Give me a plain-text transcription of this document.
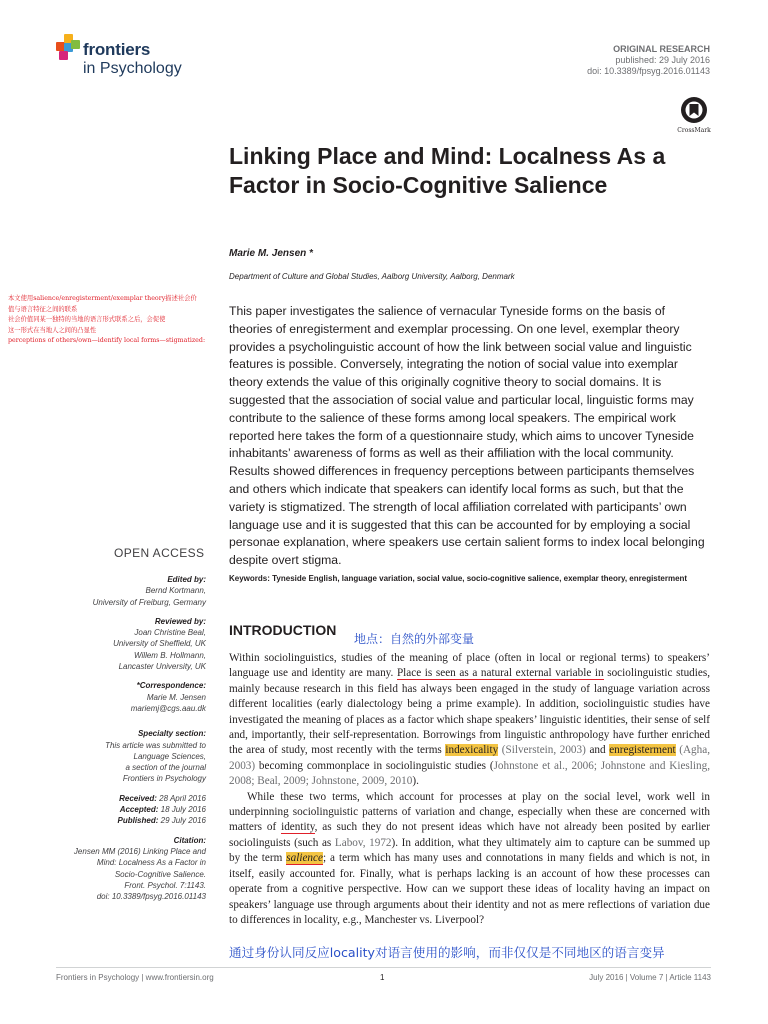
frontiers
in Psychology
ORIGINAL RESEARCH
published: 29 July 2016
doi: 10.3389/fpsyg.2016.01143
CrossMark
Linking Place and Mind: Localness As a Factor in Socio-Cognitive Salience
Marie M. Jensen *
Department of Culture and Global Studies, Aalborg University, Aalborg, Denmark
本文使用salience/enregisterment/exemplar theory描述社会价
值与语言特征之间的联系
社会价值同某一独特的当地的语言形式联系之后，会促使
这一形式在当地人之间的凸显性
perceptions of others/own—identify local forms—stigmatized:
This paper investigates the salience of vernacular Tyneside forms on the basis of theories of enregisterment and exemplar processing. On one level, exemplar theory provides a psycholinguistic account of how the link between social value and linguistic features is possible. Conversely, integrating the notion of social value into exemplar theory extends the value of this originally cognitive theory to social domains. It is suggested that the association of social value and particular local, linguistic forms may contribute to the salience of these forms among local speakers. The empirical work reported here takes the form of a questionnaire study, which aims to uncover Tyneside inhabitants’ awareness of forms as well as their affiliation with the local community. Results showed differences in frequency perceptions between participants themselves and others which indicate that speakers can identify local forms as such, but that the variety is stigmatized. The strength of local affiliation correlated with participants’ own language use and it is suggested that this can be accounted for by employing a social personae explanation, where speakers use certain salient forms to index local belonging despite overt stigma.
Keywords: Tyneside English, language variation, social value, socio-cognitive salience, exemplar theory, enregisterment
OPEN ACCESS
Edited by:
Bernd Kortmann,
University of Freiburg, Germany
Reviewed by:
Joan Christine Beal,
University of Sheffield, UK
Willem B. Hollmann,
Lancaster University, UK
*Correspondence:
Marie M. Jensen
mariemj@cgs.aau.dk
Specialty section:
This article was submitted to
Language Sciences,
a section of the journal
Frontiers in Psychology
Received: 28 April 2016
Accepted: 18 July 2016
Published: 29 July 2016
Citation:
Jensen MM (2016) Linking Place and
Mind: Localness As a Factor in
Socio-Cognitive Salience.
Front. Psychol. 7:1143.
doi: 10.3389/fpsyg.2016.01143
INTRODUCTION
地点：自然的外部变量

Within sociolinguistics, studies of the meaning of place (often in local or regional terms) to speakers’ language use and identity are many. Place is seen as a natural external variable in sociolinguistic studies, mainly because research in this field has always been engaged in the study of language variation across different localities (early dialectology being a prime example). In addition, sociolinguistic studies have investigated the meaning of places as a factor which shape speakers’ linguistic identities, their sense of self and, importantly, their self-representation. Borrowings from linguistic anthropology have further enriched the area of study, most recently with the terms indexicality (Silverstein, 2003) and enregisterment (Agha, 2003) becoming commonplace in sociolinguistic studies (Johnstone et al., 2006; Johnstone and Kiesling, 2008; Beal, 2009; Johnstone, 2009, 2010).

While these two terms, which account for processes at play on the social level, work well in underpinning sociolinguistic patterns of variation and change, especially when these are concerned with matters of identity, as such they do not present ideas which have not already been posited by earlier sociolinguists (such as Labov, 1972). In addition, what they ultimately aim to capture can be summed up by the term salience; a term which has many uses and connotations in many fields and which is not, in itself, easily accounted for. Finally, what is perhaps lacking is an account of how these processes can operate from a cognitive perspective. How can we support these ideas of locality having an impact on speakers’ language use through arguments about their identity and not as mere reflections of variation due to differences in locality, e.g., Manchester vs. Liverpool?

通过身份认同反应locality对语言使用的影响，而非仅仅是不同地区的语言变异
Frontiers in Psychology | www.frontiersin.org	1	July 2016 | Volume 7 | Article 1143
